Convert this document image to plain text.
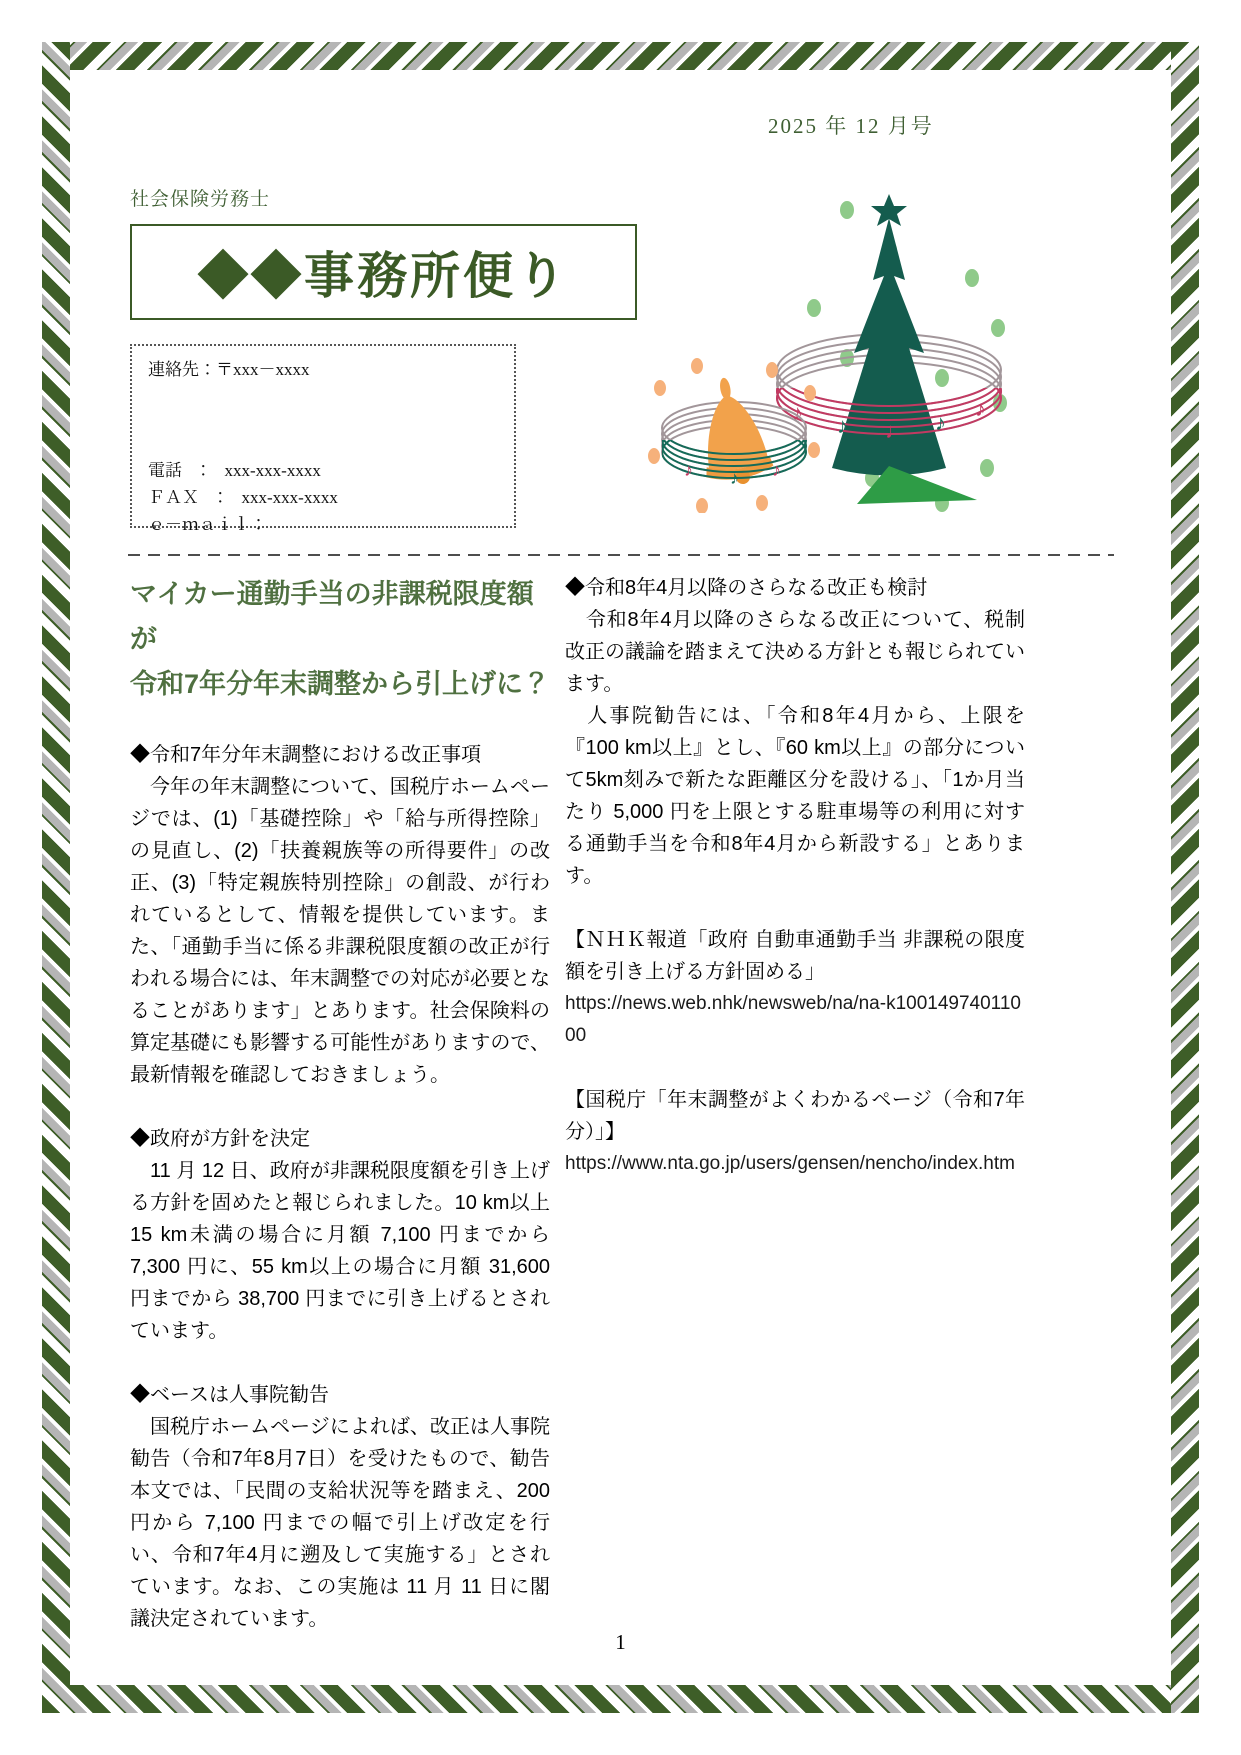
2025 年 12 月号
社会保険労務士
◆◆事務所便り
連絡先：〒xxx－xxxx
電話　：　xxx-xxx-xxxx
ＦＡＸ　：　xxx-xxx-xxxx
ｅ－ｍａｉｌ：
♪
♪ ♩ ♪
♪
♪ ♪ ♪
マイカー通勤手当の非課税限度額が
令和7年分年末調整から引上げに？
◆令和7年分年末調整における改正事項
　今年の年末調整について、国税庁ホームページでは、(1)「基礎控除」や「給与所得控除」の見直し、(2)「扶養親族等の所得要件」の改正、(3)「特定親族特別控除」の創設、が行われているとして、情報を提供しています。また、「通勤手当に係る非課税限度額の改正が行われる場合には、年末調整での対応が必要となることがあります」とあります。社会保険料の算定基礎にも影響する可能性がありますので、最新情報を確認しておきましょう。
◆政府が方針を決定
　11 月 12 日、政府が非課税限度額を引き上げる方針を固めたと報じられました。10 km以上 15 km未満の場合に月額 7,100 円までから 7,300 円に、55 km以上の場合に月額 31,600 円までから 38,700 円までに引き上げるとされています。
◆ベースは人事院勧告
　国税庁ホームページによれば、改正は人事院勧告（令和7年8月7日）を受けたもので、勧告本文では、「民間の支給状況等を踏まえ、200 円から 7,100 円までの幅で引上げ改定を行い、令和7年4月に遡及して実施する」とされています。なお、この実施は 11 月 11 日に閣議決定されています。
◆令和8年4月以降のさらなる改正も検討
　令和8年4月以降のさらなる改正について、税制改正の議論を踏まえて決める方針とも報じられています。
　人事院勧告には、「令和8年4月から、上限を『100 km以上』とし、『60 km以上』の部分について5km刻みで新たな距離区分を設ける」、「1か月当たり 5,000 円を上限とする駐車場等の利用に対する通勤手当を令和8年4月から新設する」とあります。
【ＮＨＫ報道「政府 自動車通勤手当 非課税の限度額を引き上げる方針固める」
https://news.web.nhk/newsweb/na/na-k10014974011000
【国税庁「年末調整がよくわかるページ（令和7年分）」】
https://www.nta.go.jp/users/gensen/nencho/index.htm
1
